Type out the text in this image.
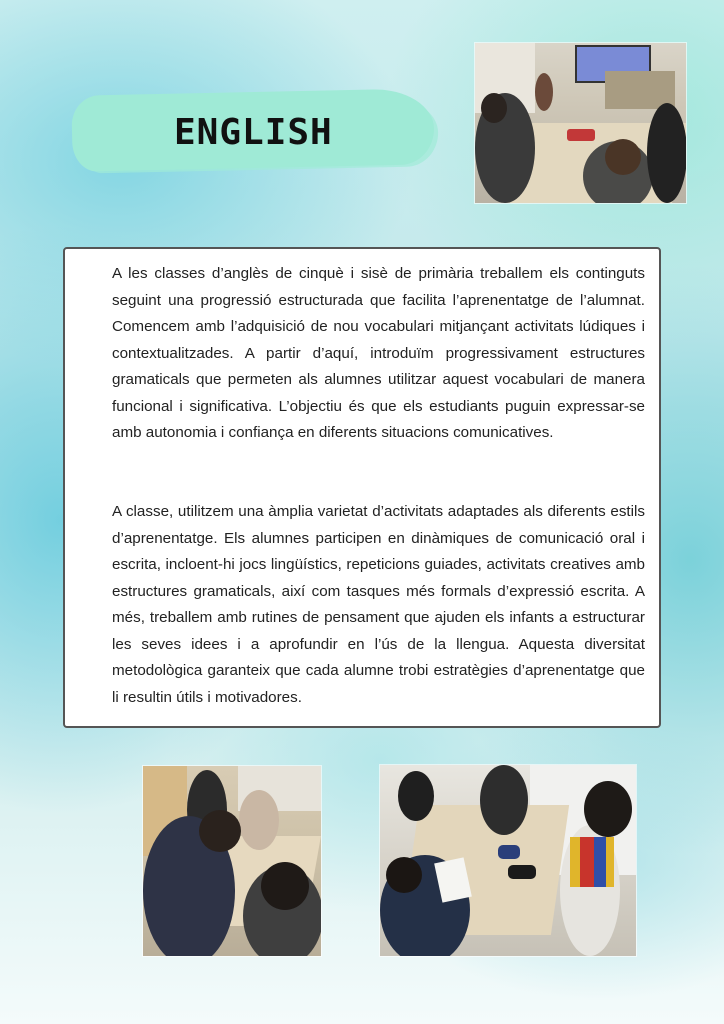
ENGLISH

A les classes d’anglès de cinquè i sisè de primària treballem els continguts seguint una progressió estructurada que facilita l’aprenentatge de l’alumnat. Comencem amb l’adquisició de nou vocabulari mitjançant activitats lúdiques i contextualitzades. A partir d’aquí, introduïm progressivament estructures gramaticals que permeten als alumnes utilitzar aquest vocabulari de manera funcional i significativa. L’objectiu és que els estudiants puguin expressar-se amb autonomia i confiança en diferents situacions comunicatives.

A classe, utilitzem una àmplia varietat d’activitats adaptades als diferents estils d’aprenentatge. Els alumnes participen en dinàmiques de comunicació oral i escrita, incloent-hi jocs lingüístics, repeticions guiades, activitats creatives amb estructures gramaticals, així com tasques més formals d’expressió escrita. A més, treballem amb rutines de pensament que ajuden els infants a estructurar les seves idees i a aprofundir en l’ús de la llengua. Aquesta diversitat metodològica garanteix que cada alumne trobi estratègies d’aprenentatge que li resultin útils i motivadores.
